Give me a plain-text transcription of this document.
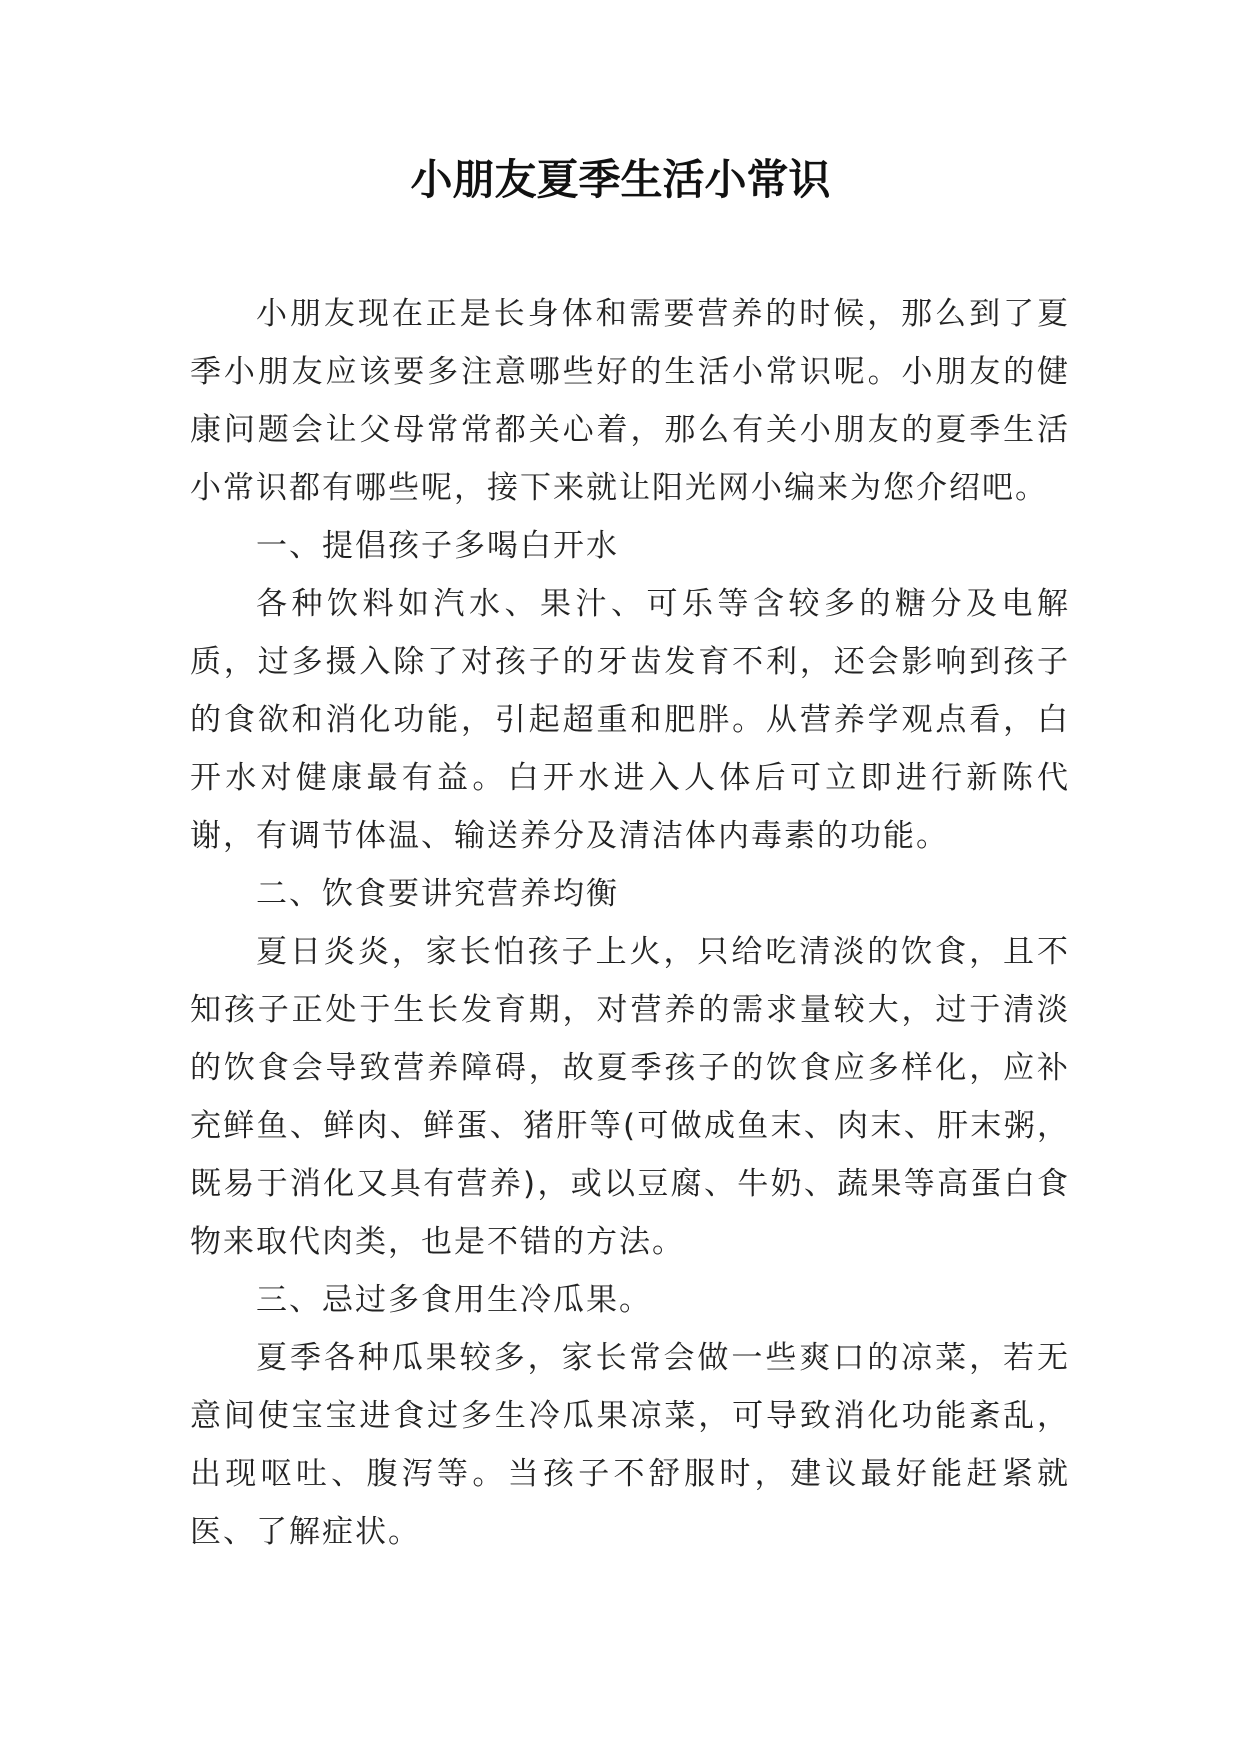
小朋友夏季生活小常识

小朋友现在正是长身体和需要营养的时候，那么到了夏季小朋友应该要多注意哪些好的生活小常识呢。小朋友的健康问题会让父母常常都关心着，那么有关小朋友的夏季生活小常识都有哪些呢，接下来就让阳光网小编来为您介绍吧。

一、提倡孩子多喝白开水

各种饮料如汽水、果汁、可乐等含较多的糖分及电解质，过多摄入除了对孩子的牙齿发育不利，还会影响到孩子的食欲和消化功能，引起超重和肥胖。从营养学观点看，白开水对健康最有益。白开水进入人体后可立即进行新陈代谢，有调节体温、输送养分及清洁体内毒素的功能。

二、饮食要讲究营养均衡

夏日炎炎，家长怕孩子上火，只给吃清淡的饮食，且不知孩子正处于生长发育期，对营养的需求量较大，过于清淡的饮食会导致营养障碍，故夏季孩子的饮食应多样化，应补充鲜鱼、鲜肉、鲜蛋、猪肝等(可做成鱼末、肉末、肝末粥，既易于消化又具有营养)，或以豆腐、牛奶、蔬果等高蛋白食物来取代肉类，也是不错的方法。

三、忌过多食用生冷瓜果。

夏季各种瓜果较多，家长常会做一些爽口的凉菜，若无意间使宝宝进食过多生冷瓜果凉菜，可导致消化功能紊乱，出现呕吐、腹泻等。当孩子不舒服时，建议最好能赶紧就医、了解症状。
